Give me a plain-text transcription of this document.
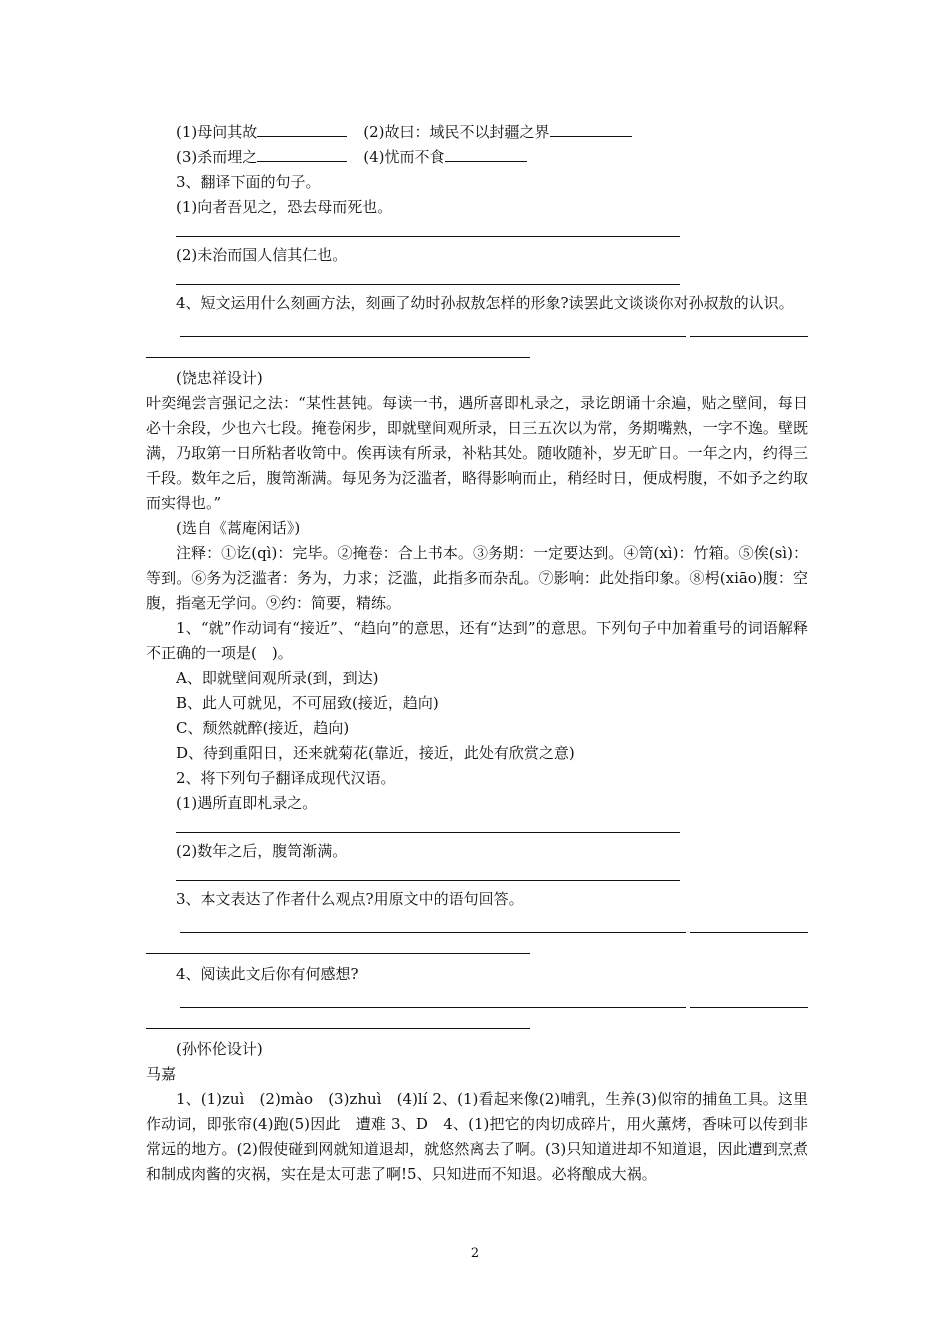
(1)母问其故	(2)故曰：域民不以封疆之界
(3)杀而埋之	(4)忧而不食
3、翻译下面的句子。
(1)向者吾见之，恐去母而死也。
(2)未治而国人信其仁也。
4、短文运用什么刻画方法，刻画了幼时孙叔敖怎样的形象?读罢此文谈谈你对孙叔敖的认识。
(饶忠祥设计)
叶奕绳尝言强记之法：“某性甚钝。每读一书，遇所喜即札录之，录讫朗诵十余遍，贴之壁间，每日必十余段，少也六七段。掩卷闲步，即就壁间观所录，日三五次以为常，务期嘴熟，一字不逸。壁既满，乃取第一日所粘者收笥中。俟再读有所录，补粘其处。随收随补，岁无旷日。一年之内，约得三千段。数年之后，腹笥渐满。每见务为泛滥者，略得影响而止，稍经时日，便成枵腹，不如予之约取而实得也。”
(选自《蒿庵闲话》)
注释：①讫(qì)：完毕。②掩卷：合上书本。③务期：一定要达到。④笥(xì)：竹箱。⑤俟(sì)：等到。⑥务为泛滥者：务为，力求；泛滥，此指多而杂乱。⑦影响：此处指印象。⑧枵(xiāo)腹：空腹，指毫无学问。⑨约：简要，精练。
1、“就”作动词有“接近”、“趋向”的意思，还有“达到”的意思。下列句子中加着重号的词语解释不正确的一项是(　)。
A、即就壁间观所录(到，到达)
B、此人可就见，不可屈致(接近，趋向)
C、颓然就醉(接近，趋向)
D、待到重阳日，还来就菊花(靠近，接近，此处有欣赏之意)
2、将下列句子翻译成现代汉语。
(1)遇所直即札录之。
(2)数年之后，腹笥渐满。
3、本文表达了作者什么观点?用原文中的语句回答。
4、阅读此文后你有何感想?
(孙怀伦设计)
马嘉
1、(1)zuì　(2)mào　(3)zhuì　(4)lí 2、(1)看起来像(2)哺乳，生养(3)似帘的捕鱼工具。这里作动词，即张帘(4)跑(5)因此　遭难 3、D　4、(1)把它的肉切成碎片，用火薰烤，香味可以传到非常远的地方。(2)假使碰到网就知道退却，就悠然离去了啊。(3)只知道进却不知道退，因此遭到烹煮和制成肉酱的灾祸，实在是太可悲了啊!5、只知进而不知退。必将酿成大祸。
2
